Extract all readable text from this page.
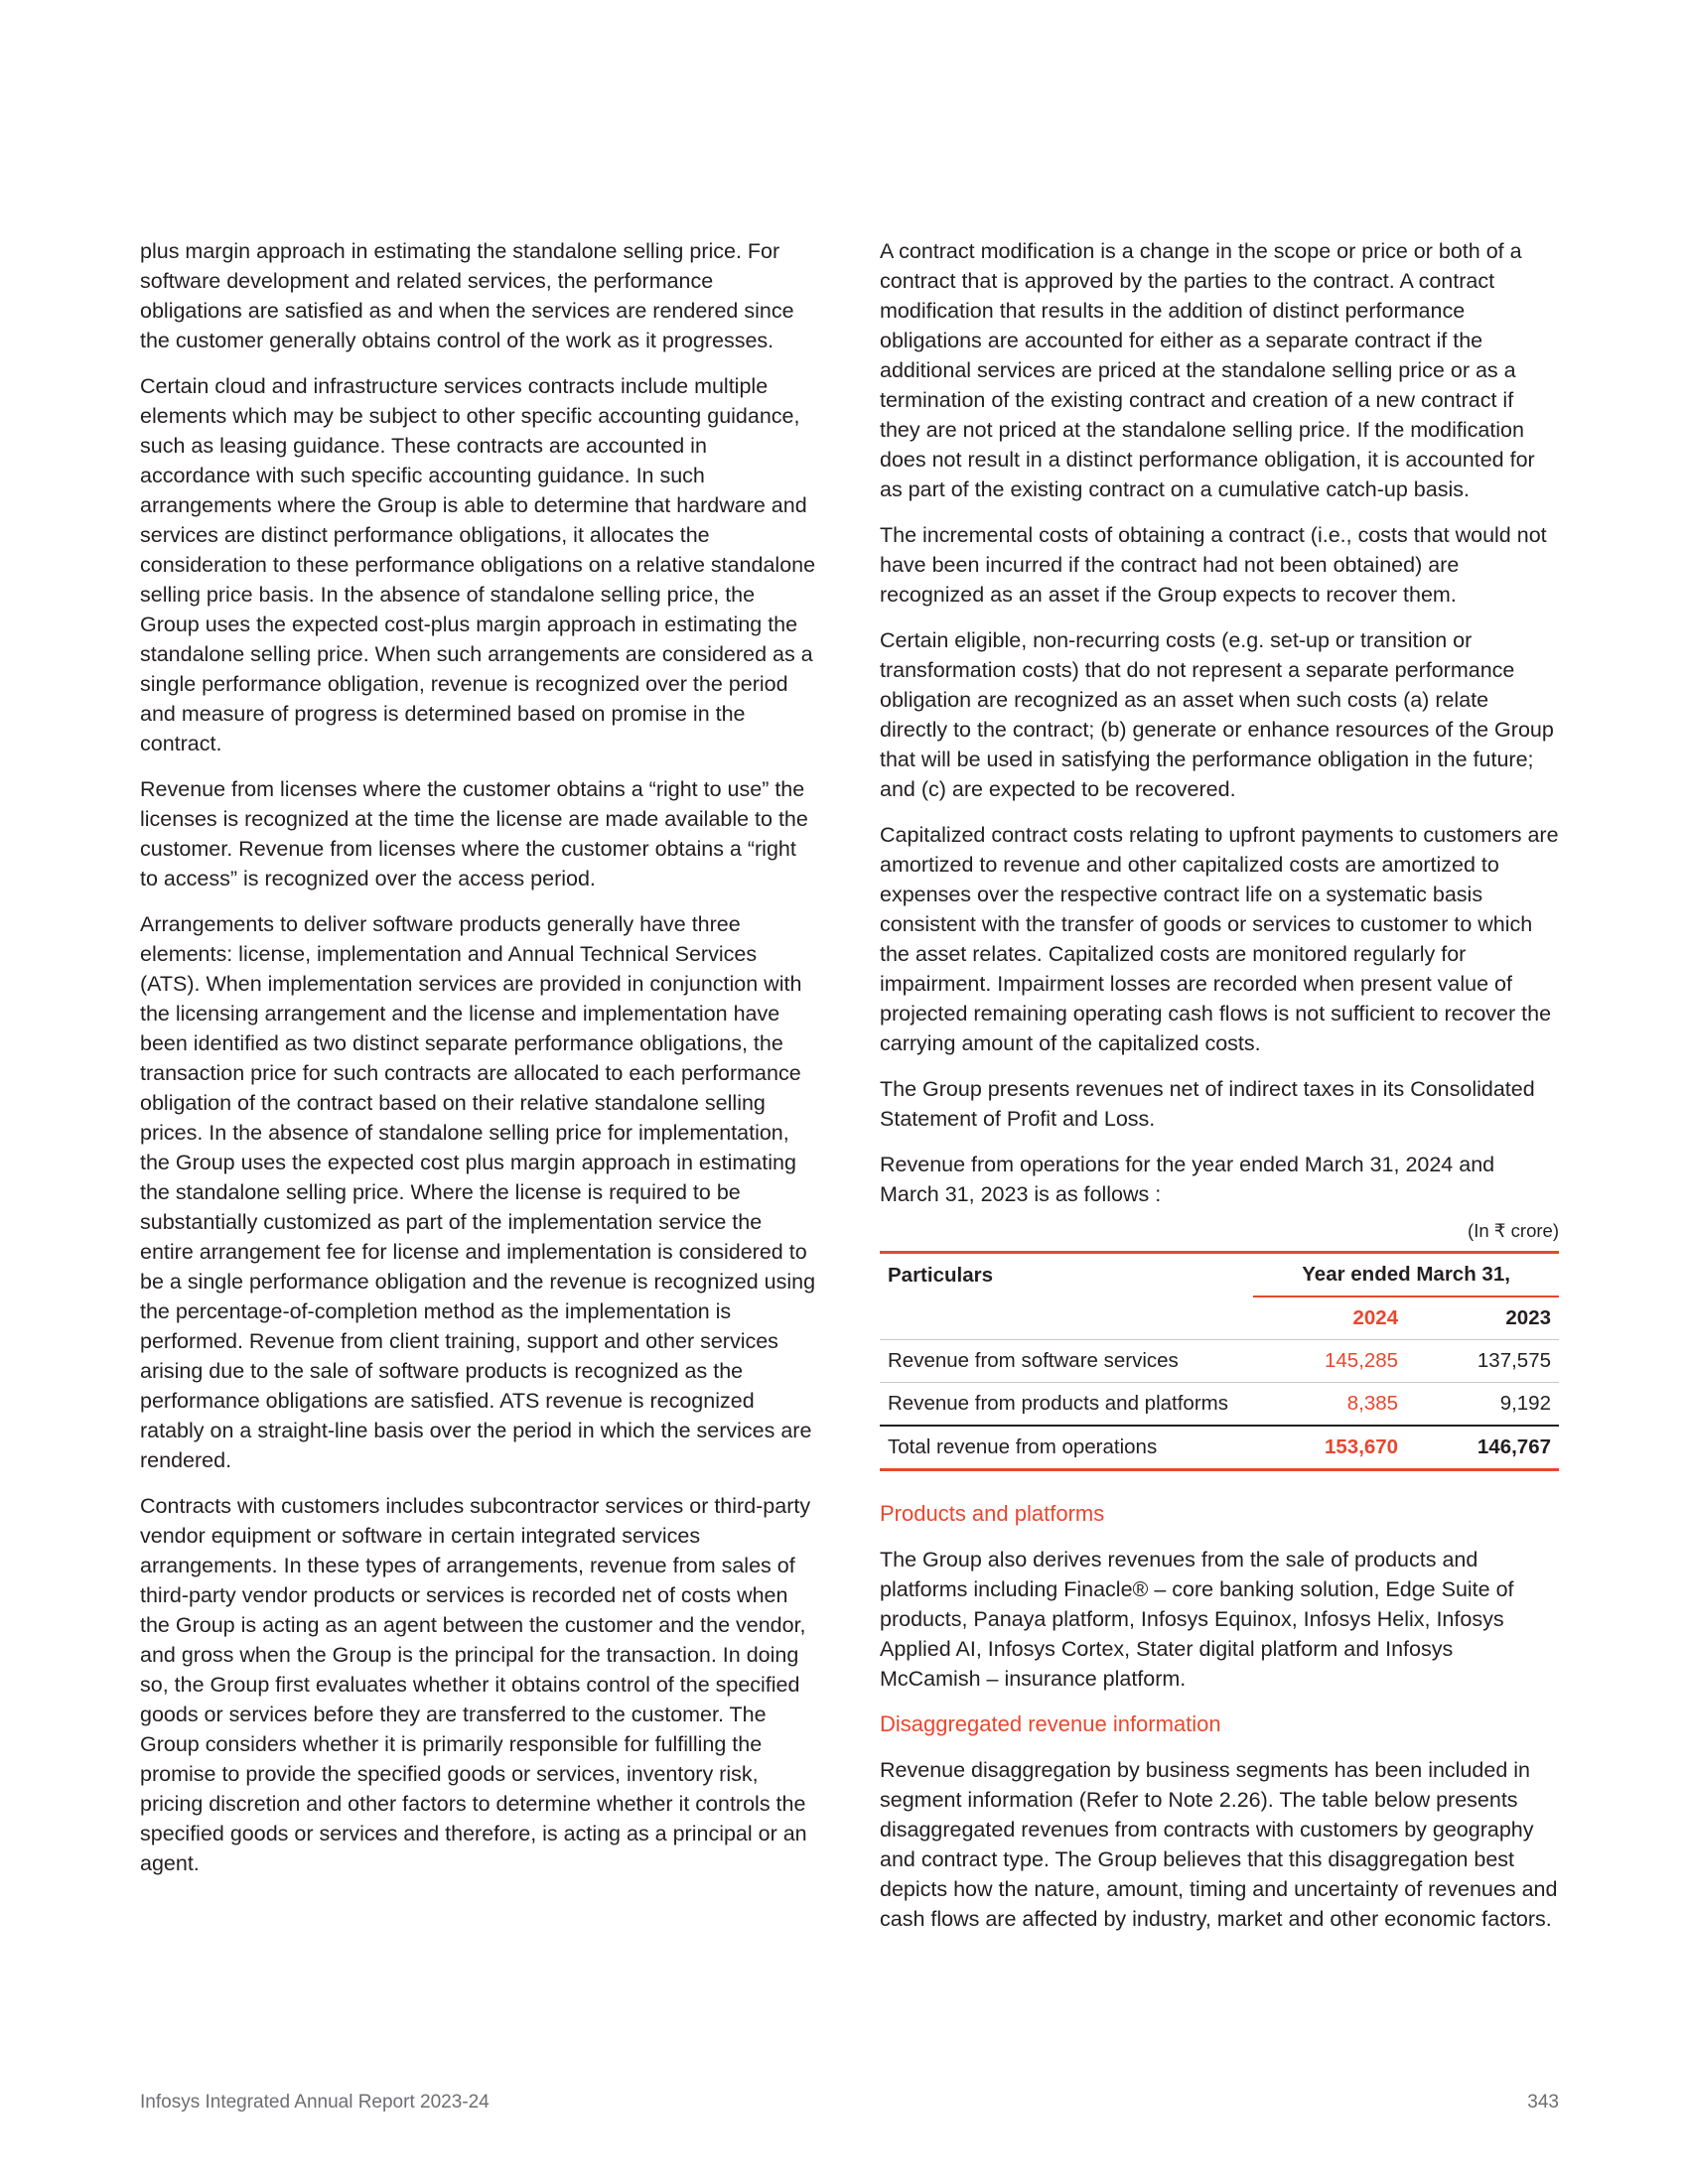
plus margin approach in estimating the standalone selling price. For software development and related services, the performance obligations are satisfied as and when the services are rendered since the customer generally obtains control of the work as it progresses.

Certain cloud and infrastructure services contracts include multiple elements which may be subject to other specific accounting guidance, such as leasing guidance. These contracts are accounted in accordance with such specific accounting guidance. In such arrangements where the Group is able to determine that hardware and services are distinct performance obligations, it allocates the consideration to these performance obligations on a relative standalone selling price basis. In the absence of standalone selling price, the Group uses the expected cost-plus margin approach in estimating the standalone selling price. When such arrangements are considered as a single performance obligation, revenue is recognized over the period and measure of progress is determined based on promise in the contract.

Revenue from licenses where the customer obtains a “right to use” the licenses is recognized at the time the license are made available to the customer. Revenue from licenses where the customer obtains a “right to access” is recognized over the access period.

Arrangements to deliver software products generally have three elements: license, implementation and Annual Technical Services (ATS). When implementation services are provided in conjunction with the licensing arrangement and the license and implementation have been identified as two distinct separate performance obligations, the transaction price for such contracts are allocated to each performance obligation of the contract based on their relative standalone selling prices. In the absence of standalone selling price for implementation, the Group uses the expected cost plus margin approach in estimating the standalone selling price. Where the license is required to be substantially customized as part of the implementation service the entire arrangement fee for license and implementation is considered to be a single performance obligation and the revenue is recognized using the percentage-of-completion method as the implementation is performed. Revenue from client training, support and other services arising due to the sale of software products is recognized as the performance obligations are satisfied. ATS revenue is recognized ratably on a straight-line basis over the period in which the services are rendered.

Contracts with customers includes subcontractor services or third-party vendor equipment or software in certain integrated services arrangements. In these types of arrangements, revenue from sales of third-party vendor products or services is recorded net of costs when the Group is acting as an agent between the customer and the vendor, and gross when the Group is the principal for the transaction. In doing so, the Group first evaluates whether it obtains control of the specified goods or services before they are transferred to the customer. The Group considers whether it is primarily responsible for fulfilling the promise to provide the specified goods or services, inventory risk, pricing discretion and other factors to determine whether it controls the specified goods or services and therefore, is acting as a principal or an agent.

A contract modification is a change in the scope or price or both of a contract that is approved by the parties to the contract. A contract modification that results in the addition of distinct performance obligations are accounted for either as a separate contract if the additional services are priced at the standalone selling price or as a termination of the existing contract and creation of a new contract if they are not priced at the standalone selling price. If the modification does not result in a distinct performance obligation, it is accounted for as part of the existing contract on a cumulative catch-up basis.

The incremental costs of obtaining a contract (i.e., costs that would not have been incurred if the contract had not been obtained) are recognized as an asset if the Group expects to recover them.

Certain eligible, non-recurring costs (e.g. set-up or transition or transformation costs) that do not represent a separate performance obligation are recognized as an asset when such costs (a) relate directly to the contract; (b) generate or enhance resources of the Group that will be used in satisfying the performance obligation in the future; and (c) are expected to be recovered.

Capitalized contract costs relating to upfront payments to customers are amortized to revenue and other capitalized costs are amortized to expenses over the respective contract life on a systematic basis consistent with the transfer of goods or services to customer to which the asset relates. Capitalized costs are monitored regularly for impairment. Impairment losses are recorded when present value of projected remaining operating cash flows is not sufficient to recover the carrying amount of the capitalized costs.

The Group presents revenues net of indirect taxes in its Consolidated Statement of Profit and Loss.

Revenue from operations for the year ended March 31, 2024 and March 31, 2023 is as follows :

(In ₹ crore)
Particulars	Year ended March 31,	
	2024	2023
Revenue from software services	145,285	137,575
Revenue from products and platforms	8,385	9,192
Total revenue from operations	153,670	146,767

Products and platforms

The Group also derives revenues from the sale of products and platforms including Finacle® – core banking solution, Edge Suite of products, Panaya platform, Infosys Equinox, Infosys Helix, Infosys Applied AI, Infosys Cortex, Stater digital platform and Infosys McCamish – insurance platform.

Disaggregated revenue information

Revenue disaggregation by business segments has been included in segment information (Refer to Note 2.26). The table below presents disaggregated revenues from contracts with customers by geography and contract type. The Group believes that this disaggregation best depicts how the nature, amount, timing and uncertainty of revenues and cash flows are affected by industry, market and other economic factors.

Infosys Integrated Annual Report 2023-24	343
